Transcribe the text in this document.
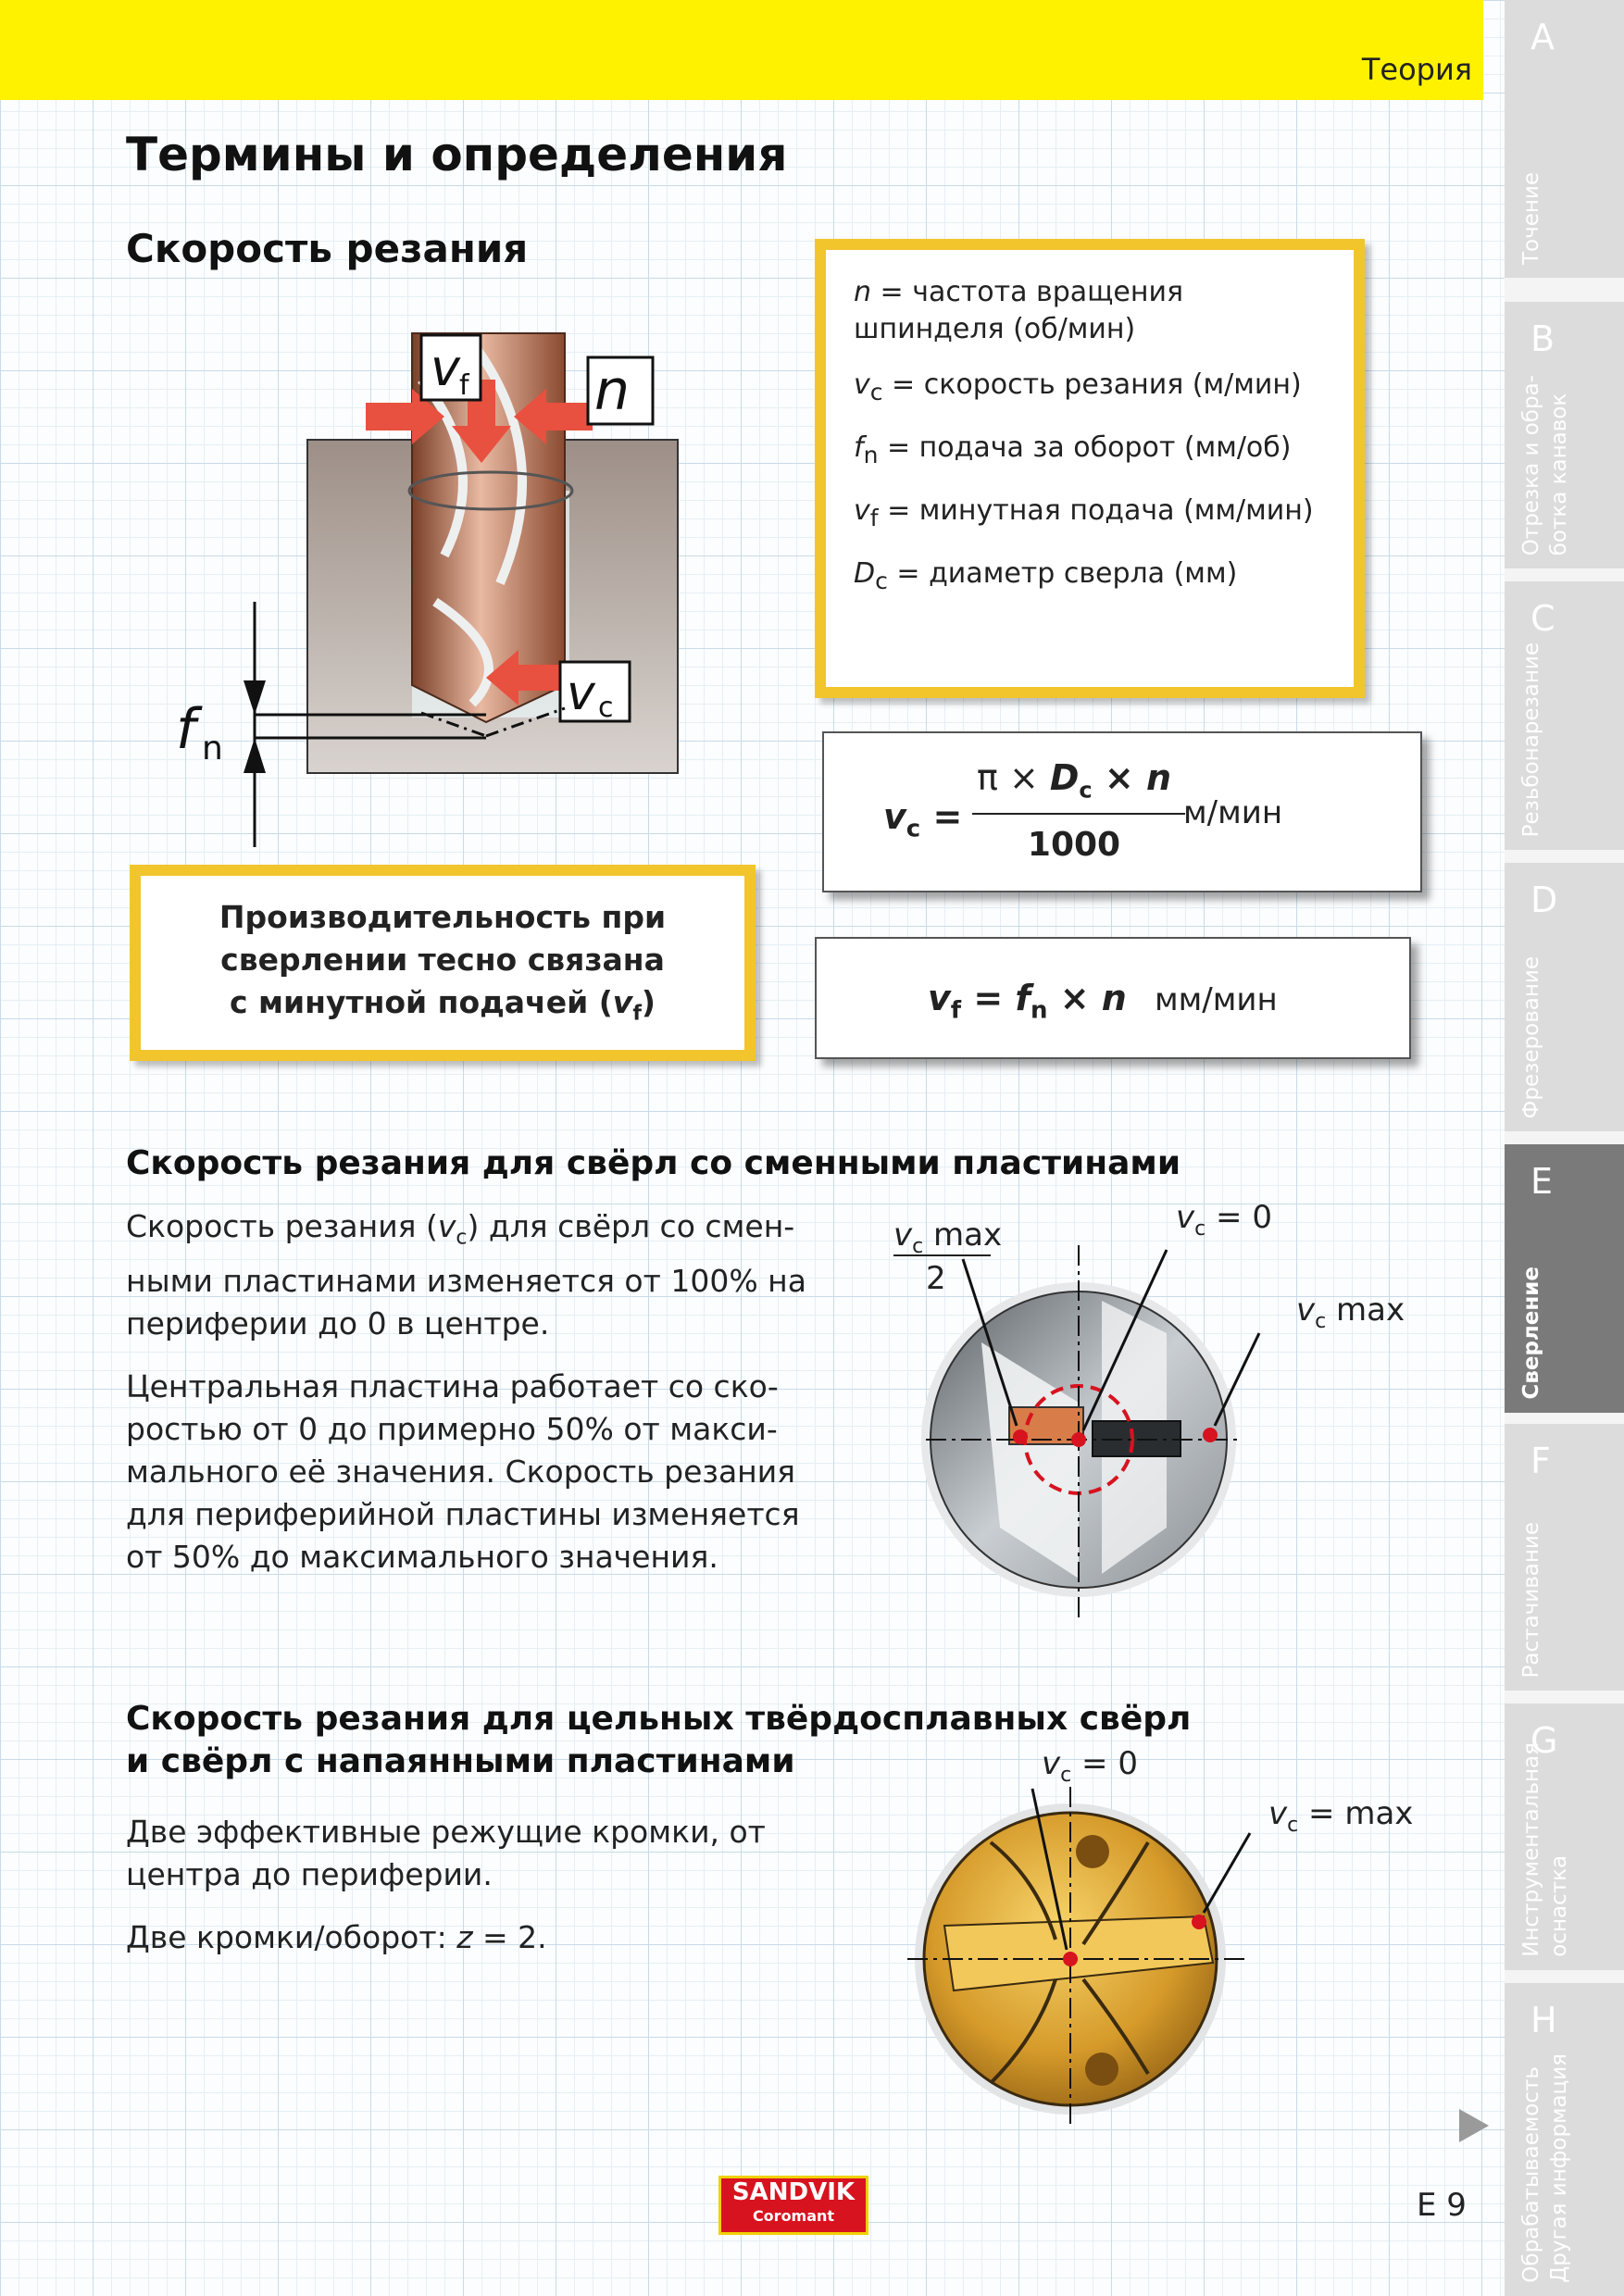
Теория
A
Точение
B
Отрезка и обра-
ботка канавок
C
Резьбонарезание
D
Фрезерование
E
Сверление
F
Растачивание
G
Инструментальная
оснастка
H
Обрабатываемость
Другая информация
Термины и определения
Скорость резания
v f n
v c
f n
n = частота вращения шпинделя (об/мин)
$v_c$ = скорость резания (м/мин)
$f_n$ = подача за оборот (мм/об)
$v_f$ = минутная подача (мм/мин)
$D_c$ = диаметр сверла (мм)
$v_c$ =
$\pi \times D_c \times n$
1000
м/мин
$v_f = f_n \times n$ мм/мин
Производительность при
сверлении тесно связана
с минутной подачей $(v_f)$
Скорость резания для свёрл со сменными пластинами

Скорость резания $(v_c)$ для свёрл со смен-ными пластинами изменяется от 100% на периферии до 0 в центре.

Центральная пластина работает со ско-ростью от 0 до примерно 50% от макси-мального её значения. Скорость резания для периферийной пластины изменяется от 50% до максимального значения.

$v_c$ max
2
$v_c = 0$
$v_c$ max
Скорость резания для цельных твёрдосплавных свёрл
и свёрл с напаянными пластинами

Две эффективные режущие кромки, от центра до периферии.

Две кромки/оборот: z = 2.

$v_c = 0$
$v_c = \max$
SANDVIK
Coromant	E 9
